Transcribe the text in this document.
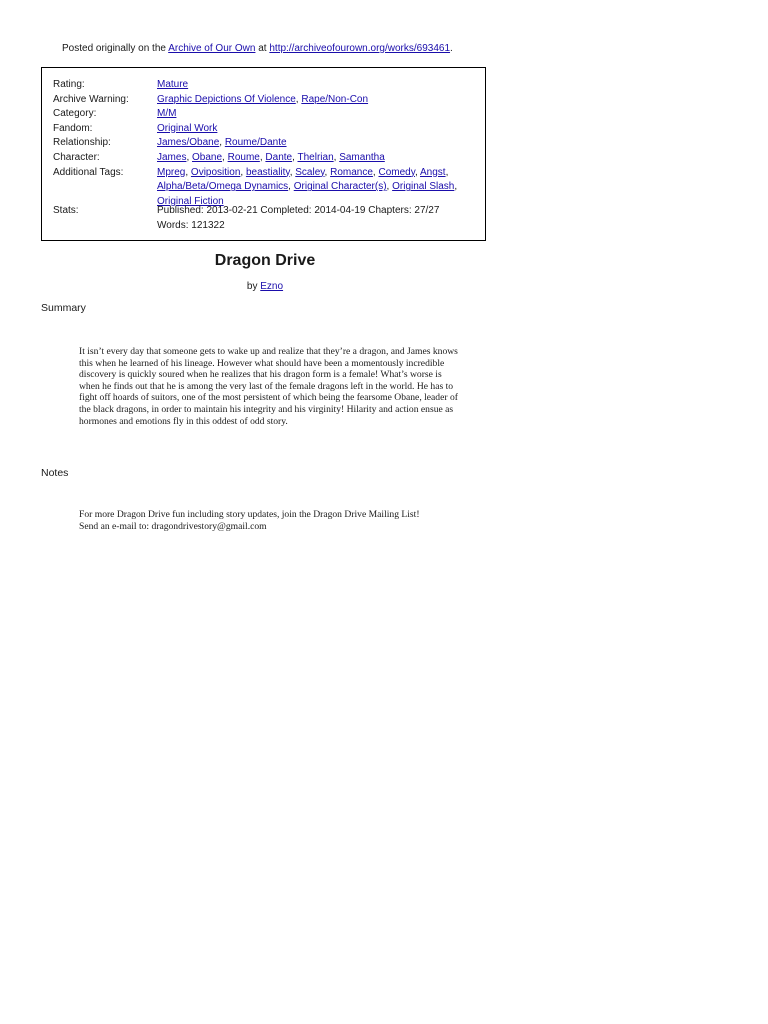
Posted originally on the Archive of Our Own at http://archiveofourown.org/works/693461.
Rating:	Mature
Archive Warning:	Graphic Depictions Of Violence, Rape/Non-Con
Category:	M/M
Fandom:	Original Work
Relationship:	James/Obane, Roume/Dante
Character:	James, Obane, Roume, Dante, Thelrian, Samantha
Additional Tags:	Mpreg, Oviposition, beastiality, Scaley, Romance, Comedy, Angst, Alpha/Beta/Omega Dynamics, Original Character(s), Original Slash, Original Fiction
Stats:	Published: 2013-02-21 Completed: 2014-04-19 Chapters: 27/27
Words: 121322
Dragon Drive
by Ezno
Summary
It isn’t every day that someone gets to wake up and realize that they’re a dragon, and James knows this when he learned of his lineage. However what should have been a momentously incredible discovery is quickly soured when he realizes that his dragon form is a female! What’s worse is when he finds out that he is among the very last of the female dragons left in the world. He has to fight off hoards of suitors, one of the most persistent of which being the fearsome Obane, leader of the black dragons, in order to maintain his integrity and his virginity! Hilarity and action ensue as hormones and emotions fly in this oddest of odd story.
Notes
For more Dragon Drive fun including story updates, join the Dragon Drive Mailing List!
Send an e-mail to: dragondrivestory@gmail.com
